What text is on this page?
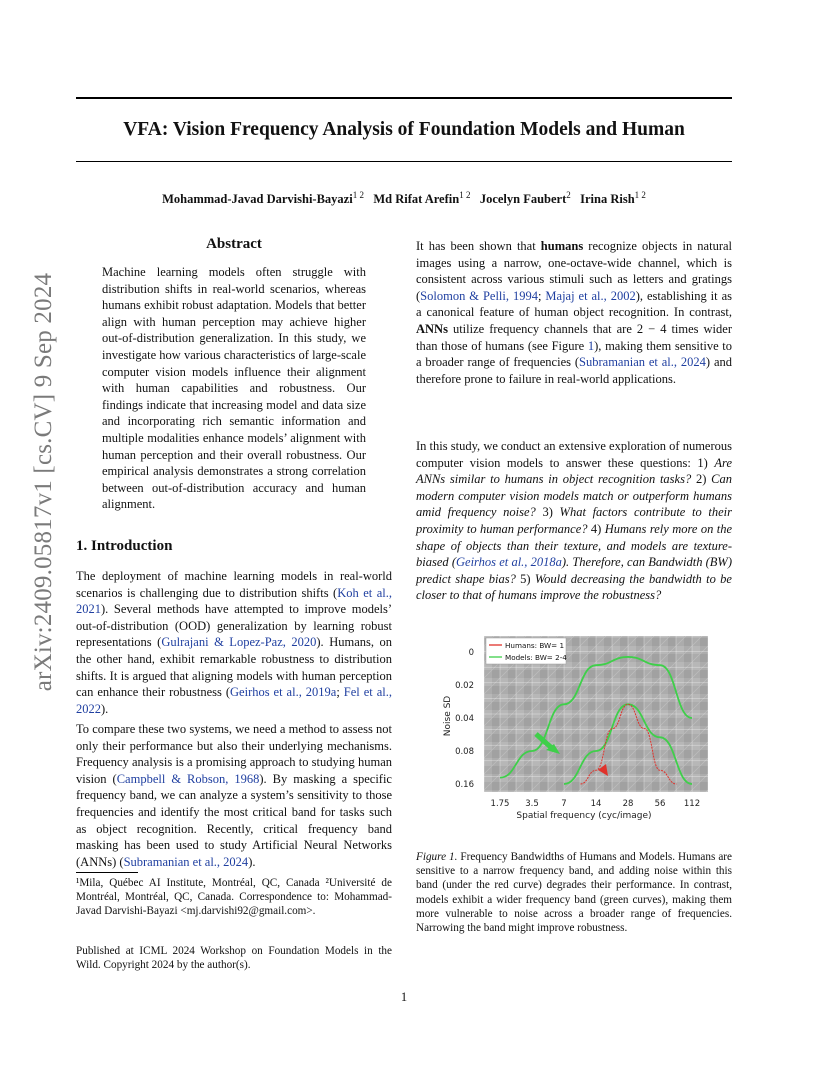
arXiv:2409.05817v1 [cs.CV] 9 Sep 2024
VFA: Vision Frequency Analysis of Foundation Models and Human
Mohammad-Javad Darvishi-Bayazi$^{1 2}$ Md Rifat Arefin$^{1 2}$ Jocelyn Faubert$^2$ Irina Rish$^{1 2}$
Abstract
Machine learning models often struggle with distribution shifts in real-world scenarios, whereas humans exhibit robust adaptation. Models that better align with human perception may achieve higher out-of-distribution generalization. In this study, we investigate how various characteristics of large-scale computer vision models influence their alignment with human capabilities and robustness. Our findings indicate that increasing model and data size and incorporating rich semantic information and multiple modalities enhance models’ alignment with human perception and their overall robustness. Our empirical analysis demonstrates a strong correlation between out-of-distribution accuracy and human alignment.
1. Introduction

The deployment of machine learning models in real-world scenarios is challenging due to distribution shifts (Koh et al., 2021). Several methods have attempted to improve models’ out-of-distribution (OOD) generalization by learning robust representations (Gulrajani & Lopez-Paz, 2020). Humans, on the other hand, exhibit remarkable robustness to distribution shifts. It is argued that aligning models with human perception can enhance their robustness (Geirhos et al., 2019a; Fel et al., 2022).

To compare these two systems, we need a method to assess not only their performance but also their underlying mechanisms. Frequency analysis is a promising approach to studying human vision (Campbell & Robson, 1968). By masking a specific frequency band, we can analyze a system’s sensitivity to those frequencies and identify the most critical band for tasks such as object recognition. Recently, critical frequency band masking has been used to study Artificial Neural Networks (ANNs) (Subramanian et al., 2024).

¹Mila, Québec AI Institute, Montréal, QC, Canada ²Université de Montréal, Montréal, QC, Canada. Correspondence to: Mohammad-Javad Darvishi-Bayazi <mj.darvishi92@gmail.com>.
Published at ICML 2024 Workshop on Foundation Models in the Wild. Copyright 2024 by the author(s).

It has been shown that humans recognize objects in natural images using a narrow, one-octave-wide channel, which is consistent across various stimuli such as letters and gratings (Solomon & Pelli, 1994; Majaj et al., 2002), establishing it as a canonical feature of human object recognition. In contrast, ANNs utilize frequency channels that are 2 − 4 times wider than those of humans (see Figure 1), making them sensitive to a broader range of frequencies (Subramanian et al., 2024) and therefore prone to failure in real-world applications.

In this study, we conduct an extensive exploration of numerous computer vision models to answer these questions: 1) Are ANNs similar to humans in object recognition tasks? 2) Can modern computer vision models match or outperform humans amid frequency noise? 3) What factors contribute to their proximity to human performance? 4) Humans rely more on the shape of objects than their texture, and models are texture-biased (Geirhos et al., 2018a). Therefore, can Bandwidth (BW) predict shape bias? 5) Would decreasing the bandwidth to be closer to that of humans improve the robustness?

Humans: BW= 1
Models: BW= 2-4
0
0.02
0.04
0.08
0.16
1.75 3.5	7	14 28 56 112
Spatial frequency (cyc/image)
Noise SD
Figure 1. Frequency Bandwidths of Humans and Models. Humans are sensitive to a narrow frequency band, and adding noise within this band (under the red curve) degrades their performance. In contrast, models exhibit a wider frequency band (green curves), making them more vulnerable to noise across a broader range of frequencies. Narrowing the band might improve robustness.
1
